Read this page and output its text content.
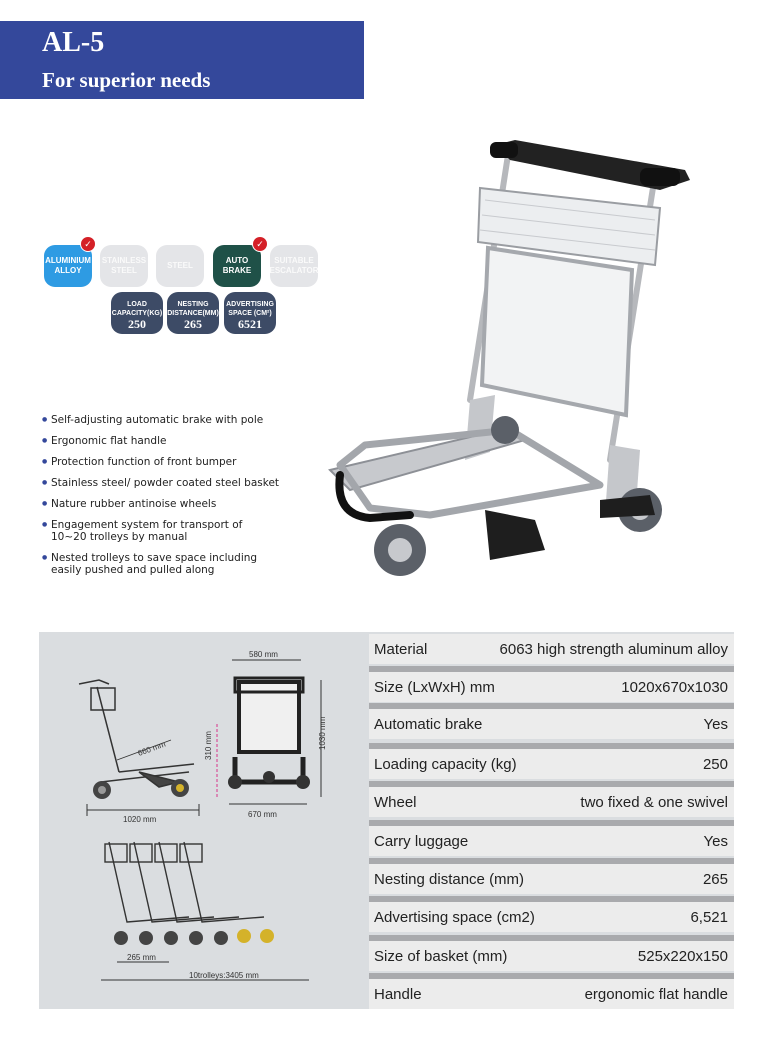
AL-5
For superior needs
ALUMINIUM ALLOY
✓
STAINLESS STEEL
STEEL
AUTO BRAKE
✓
SUITABLE ESCALATOR
LOAD CAPACITY(KG)
250
NESTING DISTANCE(MM)
265
ADVERTISING SPACE (CM²)
6521
● Self-adjusting automatic brake with pole
● Ergonomic flat handle
● Protection function of front bumper
● Stainless steel/ powder coated steel basket
● Nature rubber antinoise wheels
● Engagement system for transport of 10~20 trolleys by manual
● Nested trolleys to save space including easily pushed and pulled along
1020 mm
660 mm	310 mm
580 mm
1030 mm
670 mm
265 mm
10trolleys:3405 mm
Material	6063 high strength aluminum alloy
Size (LxWxH) mm	1020x670x1030
Automatic brake	Yes
Loading capacity (kg)	250
Wheel	two fixed & one swivel
Carry luggage	Yes
Nesting distance (mm)	265
Advertising space (cm2)	6,521
Size of basket (mm)	525x220x150
Handle	ergonomic flat handle
